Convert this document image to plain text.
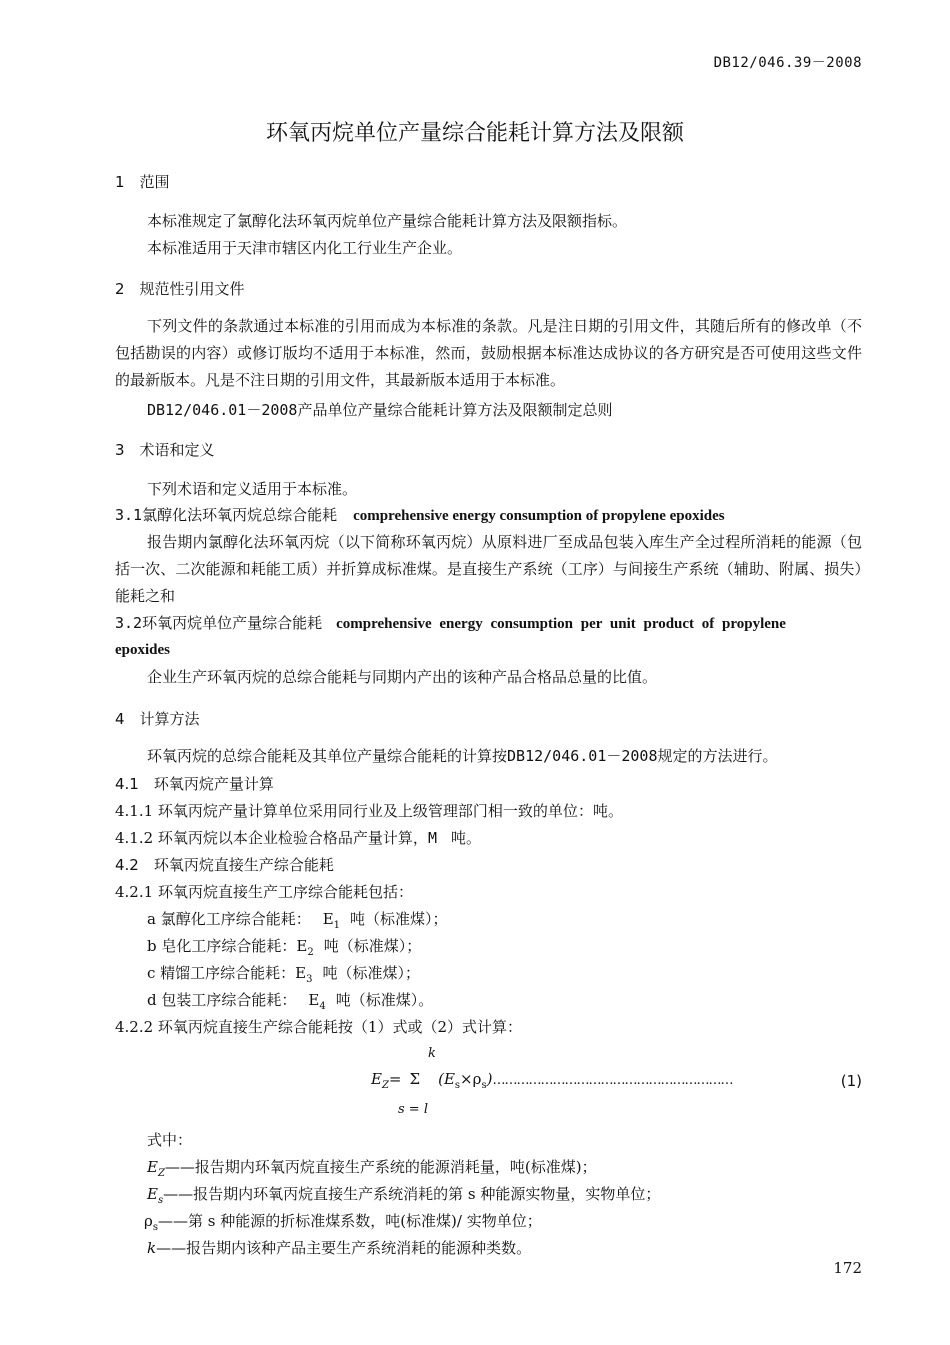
DB12/046.39－2008
环氧丙烷单位产量综合能耗计算方法及限额
1　范围
本标准规定了氯醇化法环氧丙烷单位产量综合能耗计算方法及限额指标。
本标准适用于天津市辖区内化工行业生产企业。
2　规范性引用文件

下列文件的条款通过本标准的引用而成为本标准的条款。凡是注日期的引用文件，其随后所有的修改单（不包括勘误的内容）或修订版均不适用于本标准，然而，鼓励根据本标准达成协议的各方研究是否可使用这些文件的最新版本。凡是不注日期的引用文件，其最新版本适用于本标准。

DB12/046.01－2008产品单位产量综合能耗计算方法及限额制定总则
3　术语和定义
下列术语和定义适用于本标准。
3.1氯醇化法环氧丙烷总综合能耗 comprehensive energy consumption of propylene epoxides

报告期内氯醇化法环氧丙烷（以下简称环氧丙烷）从原料进厂至成品包装入库生产全过程所消耗的能源（包括一次、二次能源和耗能工质）并折算成标准煤。是直接生产系统（工序）与间接生产系统（辅助、附属、损失）能耗之和

3.2环氧丙烷单位产量综合能耗 comprehensive energy consumption per unit product of propylene
epoxides
企业生产环氧丙烷的总综合能耗与同期内产出的该种产品合格品总量的比值。
4　计算方法
环氧丙烷的总综合能耗及其单位产量综合能耗的计算按DB12/046.01－2008规定的方法进行。
4.1　环氧丙烷产量计算
4.1.1 环氧丙烷产量计算单位采用同行业及上级管理部门相一致的单位：吨。
4.1.2 环氧丙烷以本企业检验合格品产量计算，M 吨。
4.2　环氧丙烷直接生产综合能耗
4.2.1 环氧丙烷直接生产工序综合能耗包括：
a 氯醇化工序综合能耗： $E_1$ 吨（标准煤）；
b 皂化工序综合能耗：$E_2$ 吨（标准煤）；
c 精馏工序综合能耗：$E_3$ 吨（标准煤）；
d 包装工序综合能耗： $E_4$ 吨（标准煤）。
4.2.2 环氧丙烷直接生产综合能耗按（1）式或（2）式计算：
k
$E_Z= \Sigma$ $(E_s\times\rho_s)\dots\dots\dots\dots\dots\dots\dots\dots\dots\dots\dots\dots\dots\dots\dots\dots\dots\dots\dots\dots$	(1)
s = l
式中：
$E_Z——$报告期内环氧丙烷直接生产系统的能源消耗量，吨(标准煤)；
$E_s——$报告期内环氧丙烷直接生产系统消耗的第 s 种能源实物量，实物单位；
$\rho_s——$第 s 种能源的折标准煤系数，吨(标准煤)/ 实物单位；
k——报告期内该种产品主要生产系统消耗的能源种类数。
172
